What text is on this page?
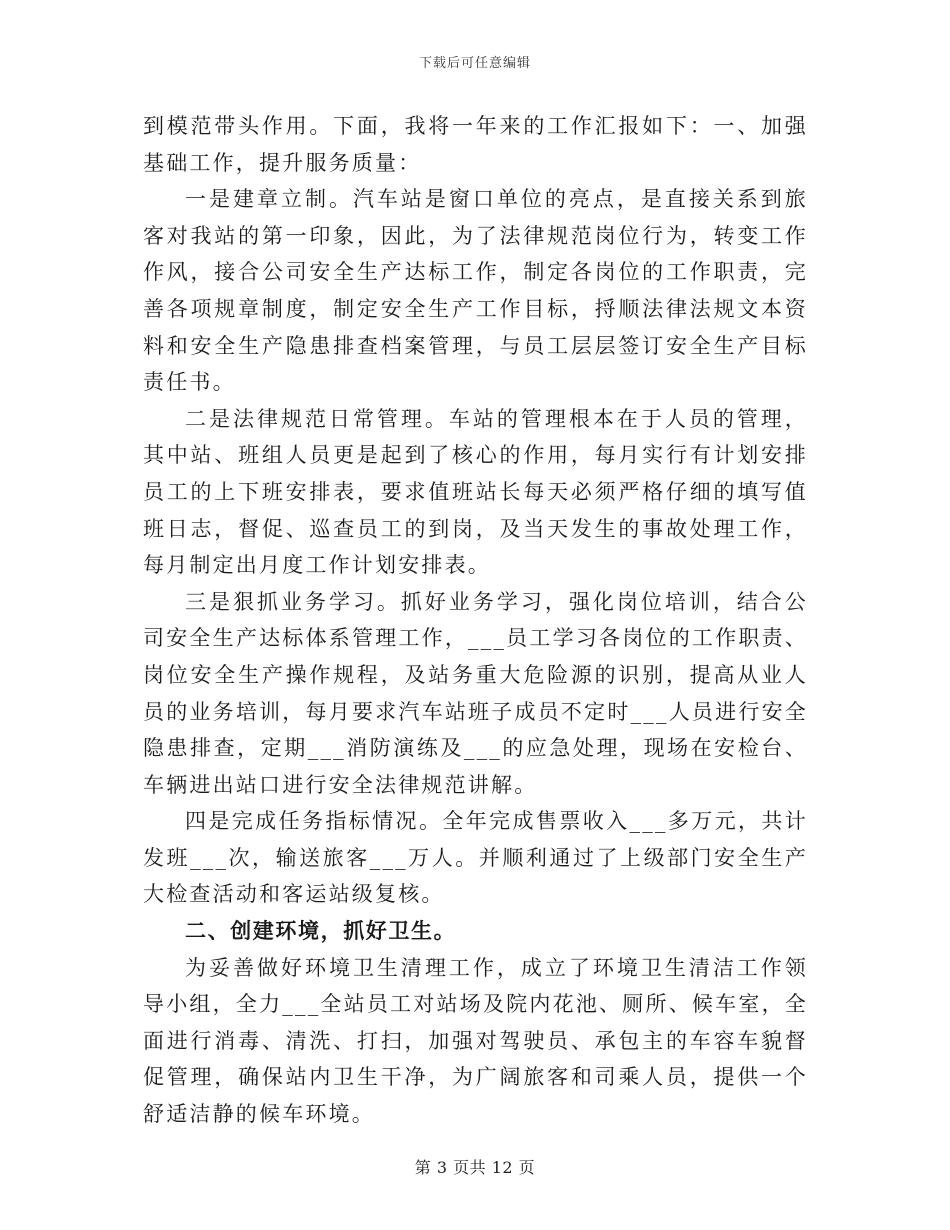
下载后可任意编辑

到模范带头作用。下面，我将一年来的工作汇报如下：一、加强基础工作，提升服务质量：

一是建章立制。汽车站是窗口单位的亮点，是直接关系到旅客对我站的第一印象，因此，为了法律规范岗位行为，转变工作作风，接合公司安全生产达标工作，制定各岗位的工作职责，完善各项规章制度，制定安全生产工作目标，捋顺法律法规文本资料和安全生产隐患排查档案管理，与员工层层签订安全生产目标责任书。

二是法律规范日常管理。车站的管理根本在于人员的管理，其中站、班组人员更是起到了核心的作用，每月实行有计划安排员工的上下班安排表，要求值班站长每天必须严格仔细的填写值班日志，督促、巡查员工的到岗，及当天发生的事故处理工作，每月制定出月度工作计划安排表。

三是狠抓业务学习。抓好业务学习，强化岗位培训，结合公司安全生产达标体系管理工作，___员工学习各岗位的工作职责、岗位安全生产操作规程，及站务重大危险源的识别，提高从业人员的业务培训，每月要求汽车站班子成员不定时___人员进行安全隐患排查，定期___消防演练及___的应急处理，现场在安检台、车辆进出站口进行安全法律规范讲解。

四是完成任务指标情况。全年完成售票收入___多万元，共计发班___次，输送旅客___万人。并顺利通过了上级部门安全生产大检查活动和客运站级复核。

二、创建环境，抓好卫生。

为妥善做好环境卫生清理工作，成立了环境卫生清洁工作领导小组，全力___全站员工对站场及院内花池、厕所、候车室，全面进行消毒、清洗、打扫，加强对驾驶员、承包主的车容车貌督促管理，确保站内卫生干净，为广阔旅客和司乘人员，提供一个舒适洁静的候车环境。

第 3 页共 12 页
